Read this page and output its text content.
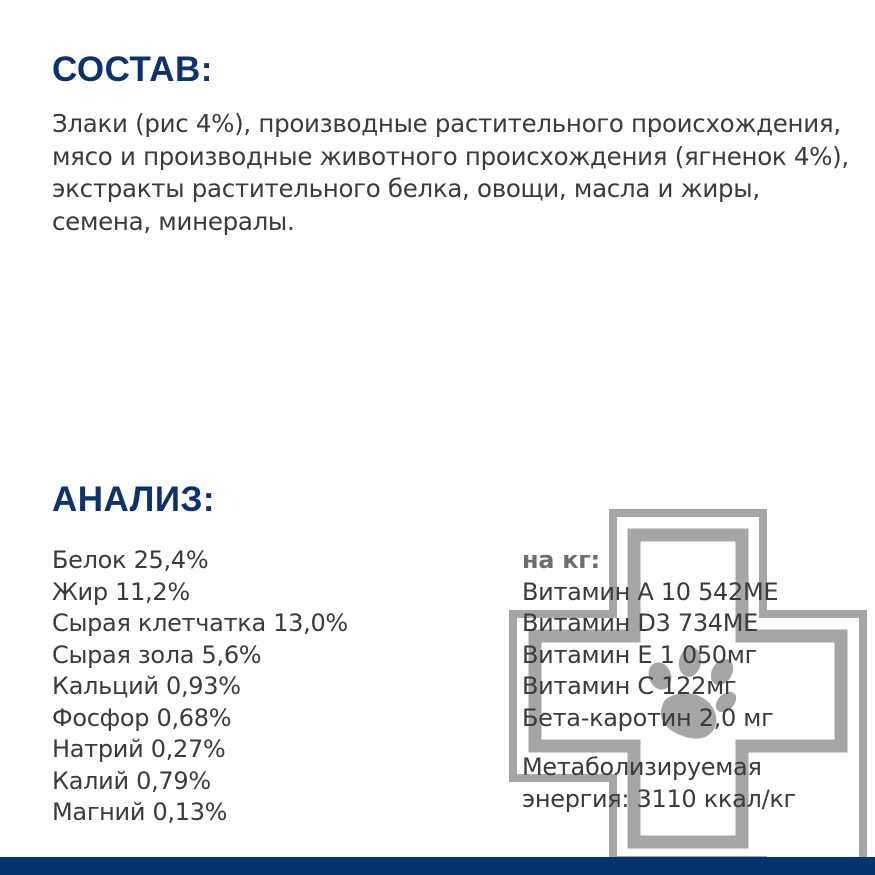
СОСТАВ:
Злаки (рис 4%), производные растительного происхождения, мясо и производные животного происхождения (ягненок 4%), экстракты растительного белка, овощи, масла и жиры, семена, минералы.
АНАЛИЗ:
Белок 25,4%
Жир 11,2%
Сырая клетчатка 13,0%
Сырая зола 5,6%
Кальций 0,93%
Фосфор 0,68%
Натрий 0,27%
Калий 0,79%
Магний 0,13%
на кг:
Витамин A 10 542МЕ
Витамин D3 734МЕ
Витамин E 1 050мг
Витамин C 122мг
Бета-каротин 2,0 мг
Метаболизируемая
энергия: 3110 ккал/кг
